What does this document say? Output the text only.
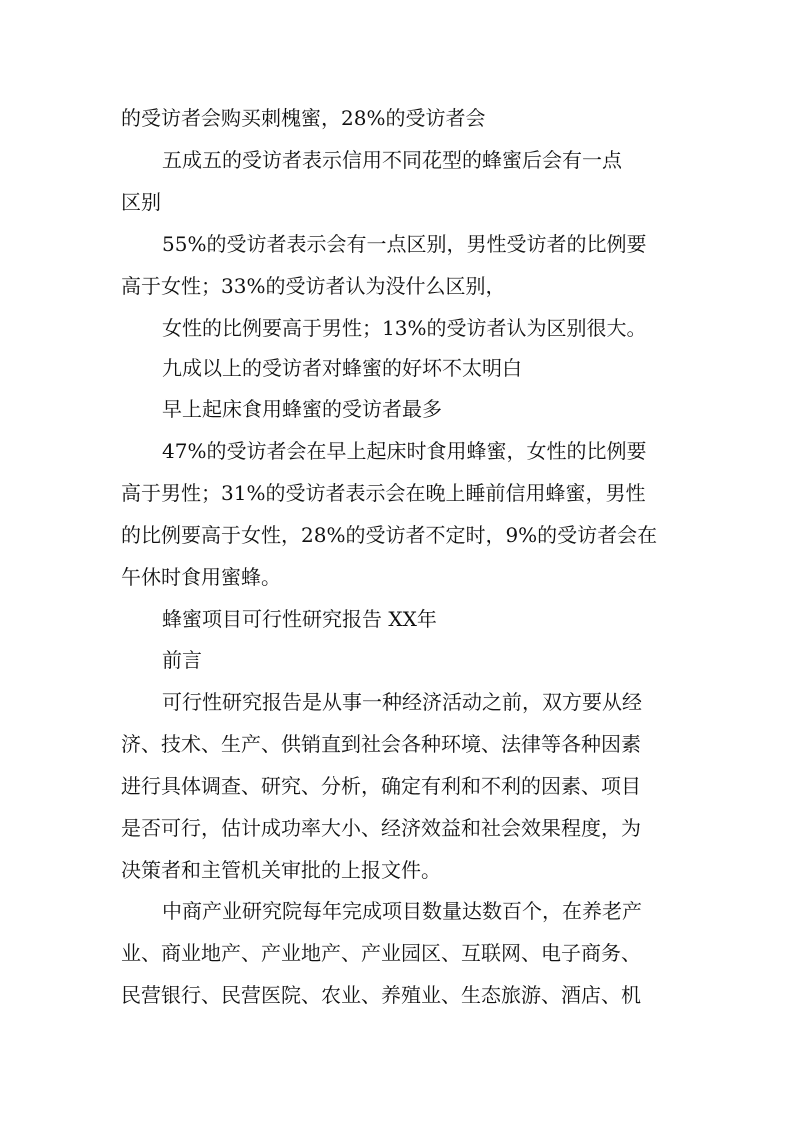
的受访者会购买刺槐蜜，28%的受访者会
五成五的受访者表示信用不同花型的蜂蜜后会有一点
区别
55%的受访者表示会有一点区别，男性受访者的比例要
高于女性；33%的受访者认为没什么区别，
女性的比例要高于男性；13%的受访者认为区别很大。
九成以上的受访者对蜂蜜的好坏不太明白
早上起床食用蜂蜜的受访者最多
47%的受访者会在早上起床时食用蜂蜜，女性的比例要
高于男性；31%的受访者表示会在晚上睡前信用蜂蜜，男性
的比例要高于女性，28%的受访者不定时，9%的受访者会在
午休时食用蜜蜂。
蜂蜜项目可行性研究报告 XX年
前言
可行性研究报告是从事一种经济活动之前，双方要从经
济、技术、生产、供销直到社会各种环境、法律等各种因素
进行具体调查、研究、分析，确定有利和不利的因素、项目
是否可行，估计成功率大小、经济效益和社会效果程度，为
决策者和主管机关审批的上报文件。
中商产业研究院每年完成项目数量达数百个，在养老产
业、商业地产、产业地产、产业园区、互联网、电子商务、
民营银行、民营医院、农业、养殖业、生态旅游、酒店、机
